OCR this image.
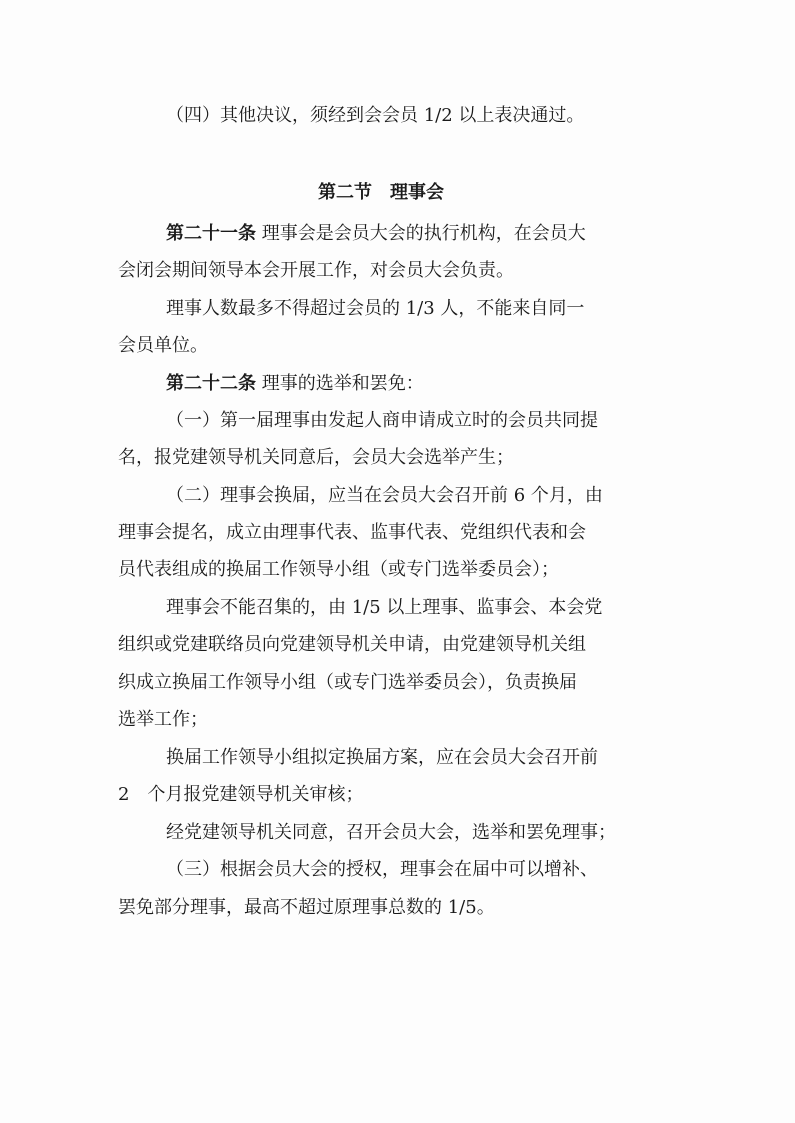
（四）其他决议，须经到会会员 1/2 以上表决通过。
第二节　理事会
第二十一条 理事会是会员大会的执行机构，在会员大
会闭会期间领导本会开展工作，对会员大会负责。
理事人数最多不得超过会员的 1/3 人，不能来自同一
会员单位。
第二十二条 理事的选举和罢免：
（一）第一届理事由发起人商申请成立时的会员共同提
名，报党建领导机关同意后，会员大会选举产生；
（二）理事会换届，应当在会员大会召开前 6 个月，由
理事会提名，成立由理事代表、监事代表、党组织代表和会
员代表组成的换届工作领导小组（或专门选举委员会）；
理事会不能召集的，由 1/5 以上理事、监事会、本会党
组织或党建联络员向党建领导机关申请，由党建领导机关组
织成立换届工作领导小组（或专门选举委员会），负责换届
选举工作；
换届工作领导小组拟定换届方案，应在会员大会召开前
2　个月报党建领导机关审核；
经党建领导机关同意，召开会员大会，选举和罢免理事；
（三）根据会员大会的授权，理事会在届中可以增补、
罢免部分理事，最高不超过原理事总数的 1/5。
